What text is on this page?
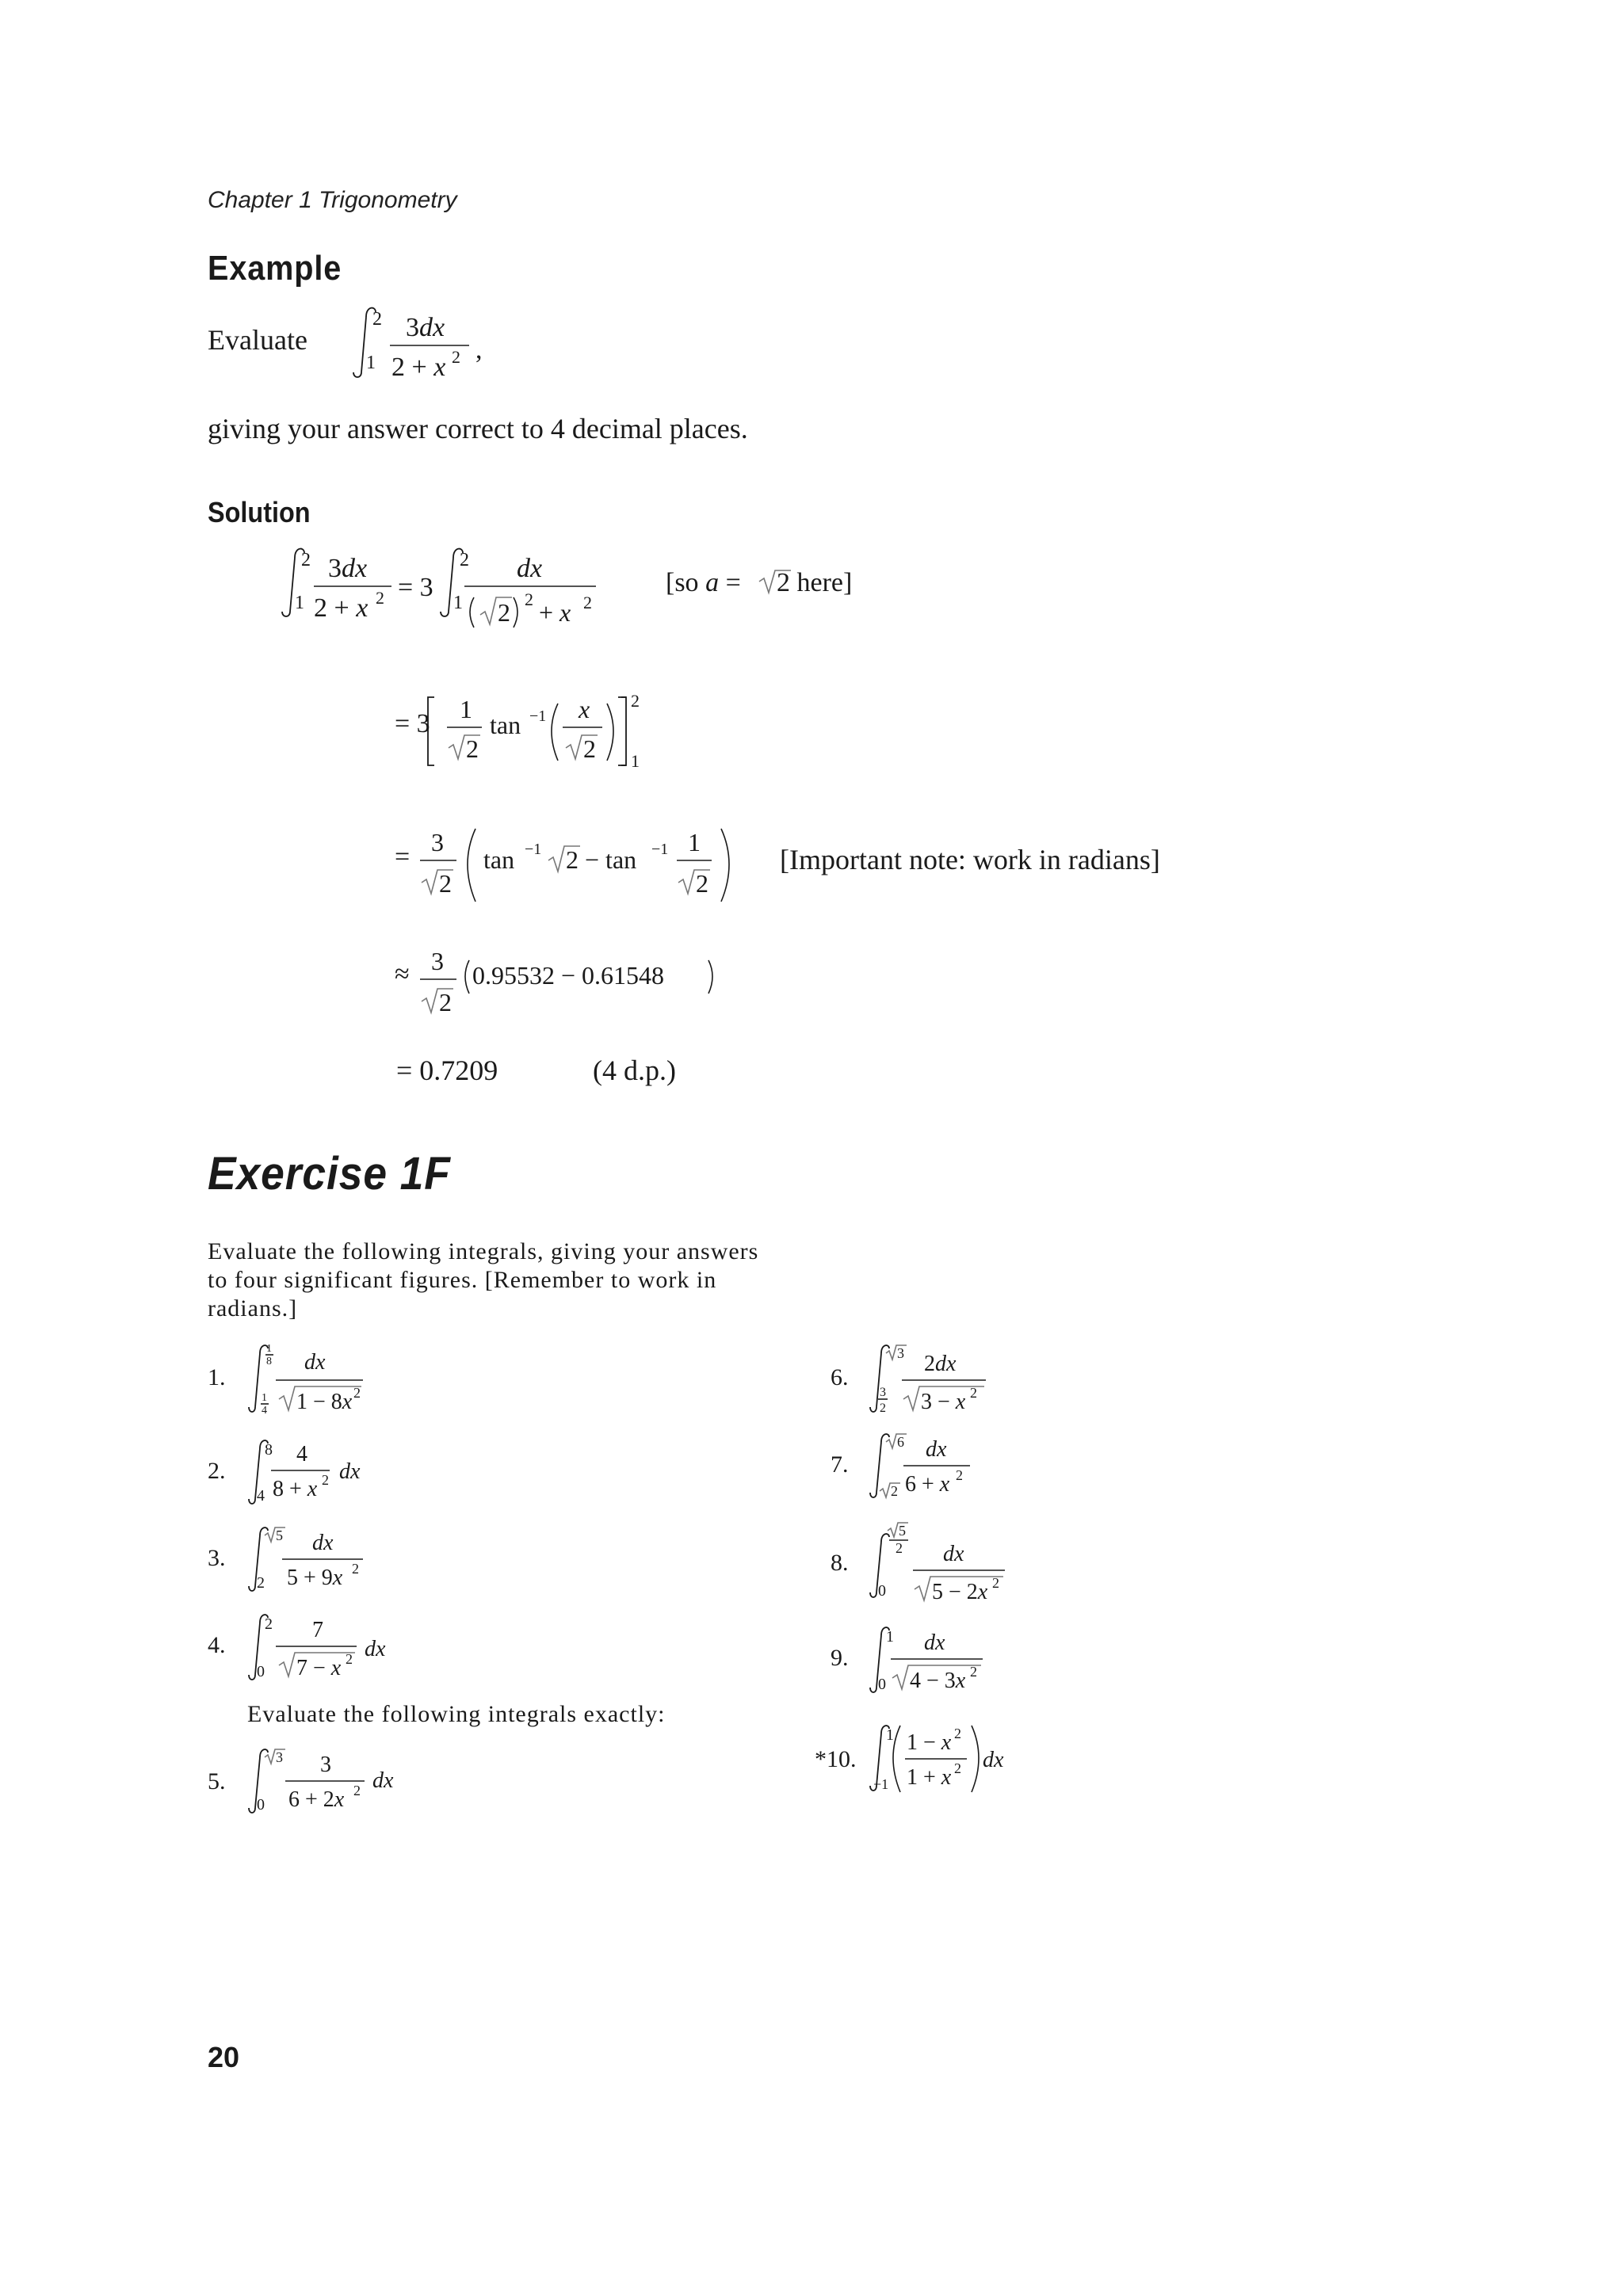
Chapter 1 Trigonometry
Example
Evaluate
2
1
3dx
2 + x 2 ,
giving your answer correct to 4 decimal places.
Solution
2
1
3dx
2 + x 2 = 3
2
1
dx
2 2 + x 2
[so a = 2 here]
= 3 1
2
tan −1 x
2
2
1
= 3
2
tan −1 2 − tan −1 1
2
[Important note: work in radians]
≈ 3
2
0.95532 − 0.61548
= 0.7209	(4 d.p.)
Exercise 1F
Evaluate the following integrals, giving your answers to four significant figures. [Remember to work in radians.]
1.
1
8
1
4
dx
1 − 8x 2
2.
8
4
4
8 + x 2 dx
3.
5
2
dx
5 + 9x 2
4.
2
0
7
7 − x 2 dx
Evaluate the following integrals exactly:
5.
3
0
3
6 + 2x 2 dx
6.
3
3
2
2dx
3 − x 2
7.
6
2
dx
6 + x 2
8.
5
2
0
dx
5 − 2x 2
9.
1
0
dx
4 − 3x 2
*10.
1
−1
1 − x 2
1 + x 2 dx
20
